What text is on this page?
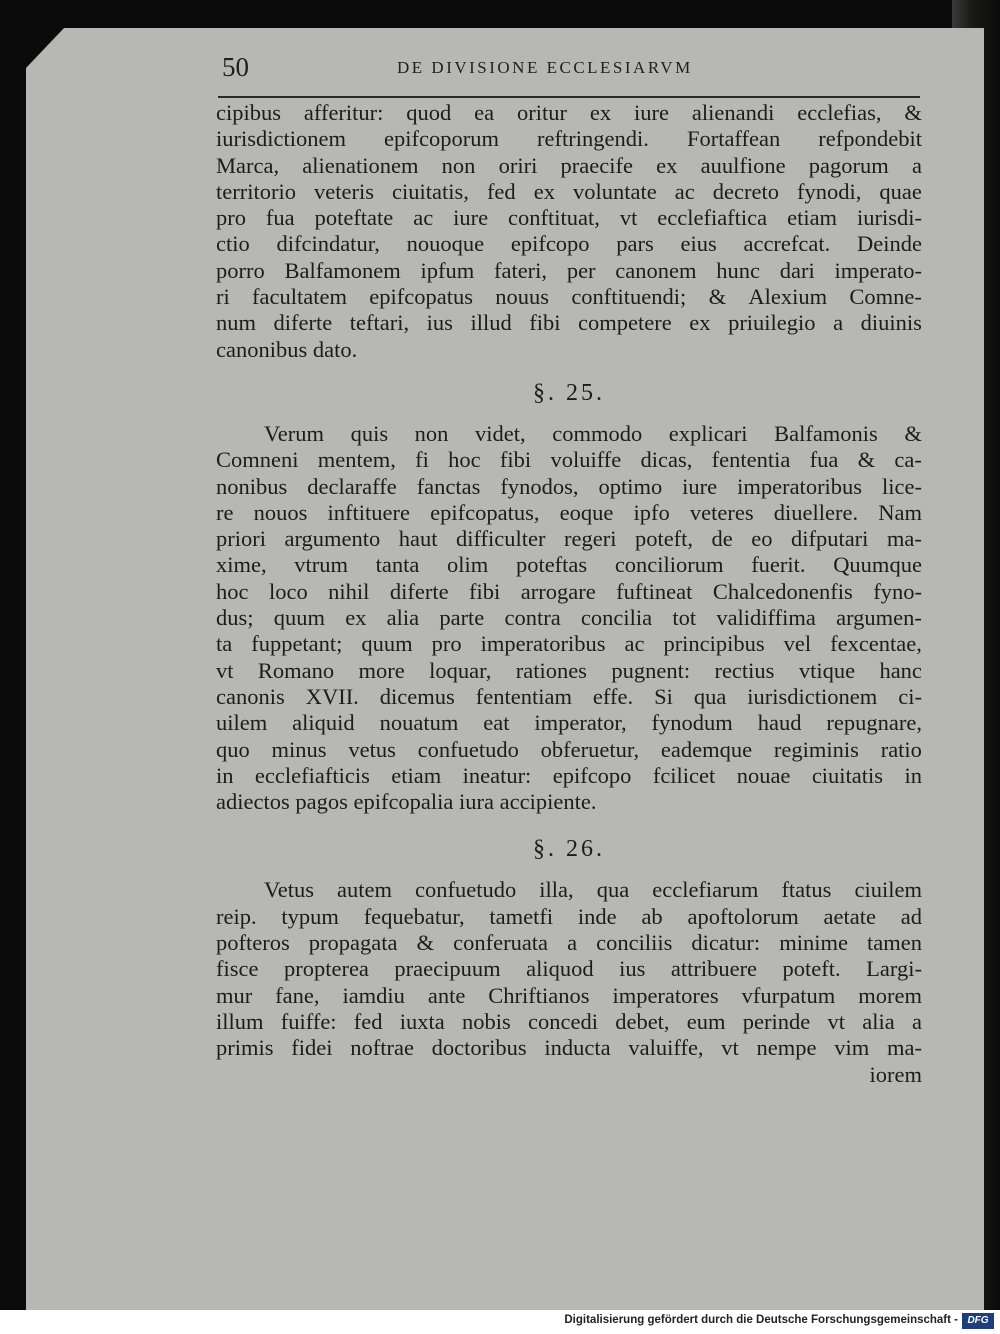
50	DE DIVISIONE ECCLESIARVM
cipibus afferitur: quod ea oritur ex iure alienandi ecclefias, &
iurisdictionem epifcoporum reftringendi. Fortaffean refpondebit
Marca, alienationem non oriri praecife ex auulfione pagorum a
territorio veteris ciuitatis, fed ex voluntate ac decreto fynodi, quae
pro fua poteftate ac iure conftituat, vt ecclefiaftica etiam iurisdi-
ctio difcindatur, nouoque epifcopo pars eius accrefcat. Deinde
porro Balfamonem ipfum fateri, per canonem hunc dari imperato-
ri facultatem epifcopatus nouus conftituendi; & Alexium Comne-
num diferte teftari, ius illud fibi competere ex priuilegio a diuinis
canonibus dato.
§. 25.
Verum quis non videt, commodo explicari Balfamonis &
Comneni mentem, fi hoc fibi voluiffe dicas, fententia fua & ca-
nonibus declaraffe fanctas fynodos, optimo iure imperatoribus lice-
re nouos inftituere epifcopatus, eoque ipfo veteres diuellere. Nam
priori argumento haut difficulter regeri poteft, de eo difputari ma-
xime, vtrum tanta olim poteftas conciliorum fuerit. Quumque
hoc loco nihil diferte fibi arrogare fuftineat Chalcedonenfis fyno-
dus; quum ex alia parte contra concilia tot validiffima argumen-
ta fuppetant; quum pro imperatoribus ac principibus vel fexcentae,
vt Romano more loquar, rationes pugnent: rectius vtique hanc
canonis XVII. dicemus fententiam effe. Si qua iurisdictionem ci-
uilem aliquid nouatum eat imperator, fynodum haud repugnare,
quo minus vetus confuetudo obferuetur, eademque regiminis ratio
in ecclefiafticis etiam ineatur: epifcopo fcilicet nouae ciuitatis in
adiectos pagos epifcopalia iura accipiente.
§. 26.
Vetus autem confuetudo illa, qua ecclefiarum ftatus ciuilem
reip. typum fequebatur, tametfi inde ab apoftolorum aetate ad
pofteros propagata & conferuata a conciliis dicatur: minime tamen
fisce propterea praecipuum aliquod ius attribuere poteft. Largi-
mur fane, iamdiu ante Chriftianos imperatores vfurpatum morem
illum fuiffe: fed iuxta nobis concedi debet, eum perinde vt alia a
primis fidei noftrae doctoribus inducta valuiffe, vt nempe vim ma-
iorem
Digitalisierung gefördert durch die Deutsche Forschungsgemeinschaft - DFG
